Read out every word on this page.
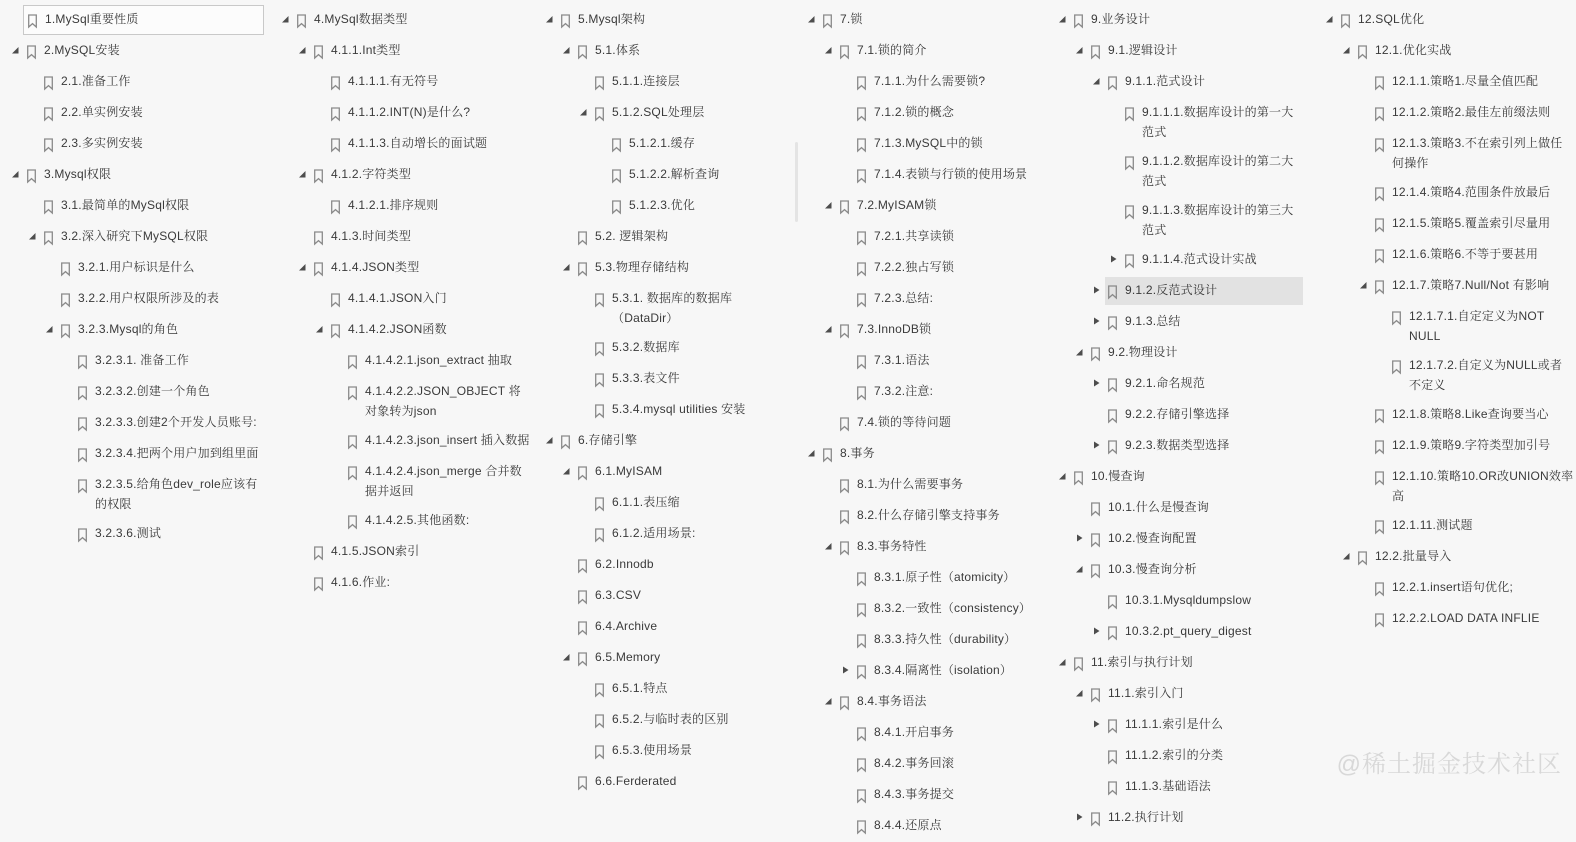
1.MySql重要性质
2.MySQL安装
2.1.准备工作
2.2.单实例安装
2.3.多实例安装
3.Mysql权限
3.1.最简单的MySql权限
3.2.深入研究下MySQL权限
3.2.1.用户标识是什么
3.2.2.用户权限所涉及的表
3.2.3.Mysql的角色
3.2.3.1. 准备工作
3.2.3.2.创建一个角色
3.2.3.3.创建2个开发人员账号:
3.2.3.4.把两个用户加到组里面
3.2.3.5.给角色dev_role应该有的权限
3.2.3.6.测试
4.MySql数据类型
4.1.1.Int类型
4.1.1.1.有无符号
4.1.1.2.INT(N)是什么?
4.1.1.3.自动增长的面试题
4.1.2.字符类型
4.1.2.1.排序规则
4.1.3.时间类型
4.1.4.JSON类型
4.1.4.1.JSON入门
4.1.4.2.JSON函数
4.1.4.2.1.json_extract 抽取
4.1.4.2.2.JSON_OBJECT 将对象转为json
4.1.4.2.3.json_insert 插入数据
4.1.4.2.4.json_merge 合并数据并返回
4.1.4.2.5.其他函数:
4.1.5.JSON索引
4.1.6.作业:
5.Mysql架构
5.1.体系
5.1.1.连接层
5.1.2.SQL处理层
5.1.2.1.缓存
5.1.2.2.解析查询
5.1.2.3.优化
5.2. 逻辑架构
5.3.物理存储结构
5.3.1. 数据库的数据库（DataDir）
5.3.2.数据库
5.3.3.表文件
5.3.4.mysql utilities 安装
6.存储引擎
6.1.MyISAM
6.1.1.表压缩
6.1.2.适用场景:
6.2.Innodb
6.3.CSV
6.4.Archive
6.5.Memory
6.5.1.特点
6.5.2.与临时表的区别
6.5.3.使用场景
6.6.Ferderated
7.锁
7.1.锁的简介
7.1.1.为什么需要锁?
7.1.2.锁的概念
7.1.3.MySQL中的锁
7.1.4.表锁与行锁的使用场景
7.2.MyISAM锁
7.2.1.共享读锁
7.2.2.独占写锁
7.2.3.总结:
7.3.InnoDB锁
7.3.1.语法
7.3.2.注意:
7.4.锁的等待问题
8.事务
8.1.为什么需要事务
8.2.什么存储引擎支持事务
8.3.事务特性
8.3.1.原子性（atomicity）
8.3.2.一致性（consistency）
8.3.3.持久性（durability）
8.3.4.隔离性（isolation）
8.4.事务语法
8.4.1.开启事务
8.4.2.事务回滚
8.4.3.事务提交
8.4.4.还原点
9.业务设计
9.1.逻辑设计
9.1.1.范式设计
9.1.1.1.数据库设计的第一大范式
9.1.1.2.数据库设计的第二大范式
9.1.1.3.数据库设计的第三大范式
9.1.1.4.范式设计实战
9.1.2.反范式设计
9.1.3.总结
9.2.物理设计
9.2.1.命名规范
9.2.2.存储引擎选择
9.2.3.数据类型选择
10.慢查询
10.1.什么是慢查询
10.2.慢查询配置
10.3.慢查询分析
10.3.1.Mysqldumpslow
10.3.2.pt_query_digest
11.索引与执行计划
11.1.索引入门
11.1.1.索引是什么
11.1.2.索引的分类
11.1.3.基础语法
11.2.执行计划
12.SQL优化
12.1.优化实战
12.1.1.策略1.尽量全值匹配
12.1.2.策略2.最佳左前缀法则
12.1.3.策略3.不在索引列上做任何操作
12.1.4.策略4.范围条件放最后
12.1.5.策略5.覆盖索引尽量用
12.1.6.策略6.不等于要甚用
12.1.7.策略7.Null/Not 有影响
12.1.7.1.自定定义为NOT NULL
12.1.7.2.自定义为NULL或者不定义
12.1.8.策略8.Like查询要当心
12.1.9.策略9.字符类型加引号
12.1.10.策略10.OR改UNION效率高
12.1.11.测试题
12.2.批量导入
12.2.1.insert语句优化;
12.2.2.LOAD DATA INFLIE
@稀土掘金技术社区
